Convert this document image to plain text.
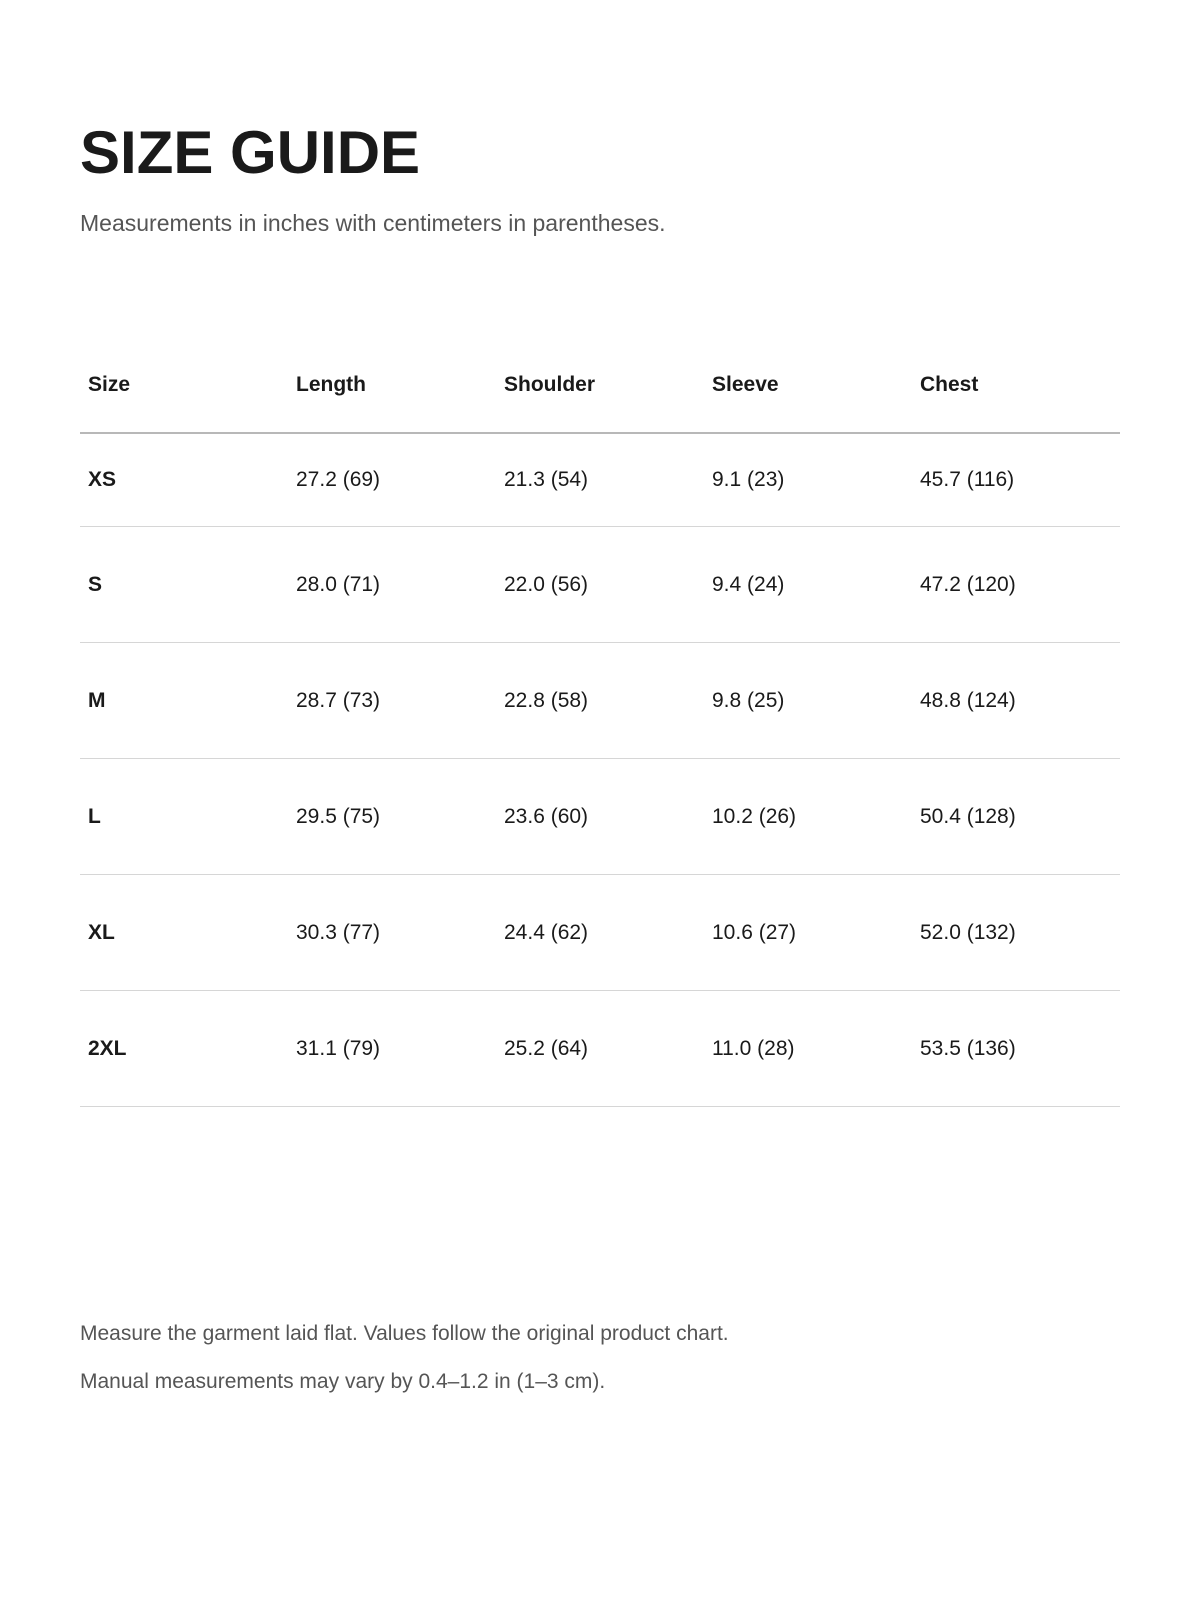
SIZE GUIDE

Measurements in inches with centimeters in parentheses.

Size	Length	Shoulder	Sleeve	Chest
XS	27.2 (69)	21.3 (54)	9.1 (23)	45.7 (116)
S	28.0 (71)	22.0 (56)	9.4 (24)	47.2 (120)
M	28.7 (73)	22.8 (58)	9.8 (25)	48.8 (124)
L	29.5 (75)	23.6 (60)	10.2 (26)	50.4 (128)
XL	30.3 (77)	24.4 (62)	10.6 (27)	52.0 (132)
2XL	31.1 (79)	25.2 (64)	11.0 (28)	53.5 (136)

Measure the garment laid flat. Values follow the original product chart.

Manual measurements may vary by 0.4–1.2 in (1–3 cm).
